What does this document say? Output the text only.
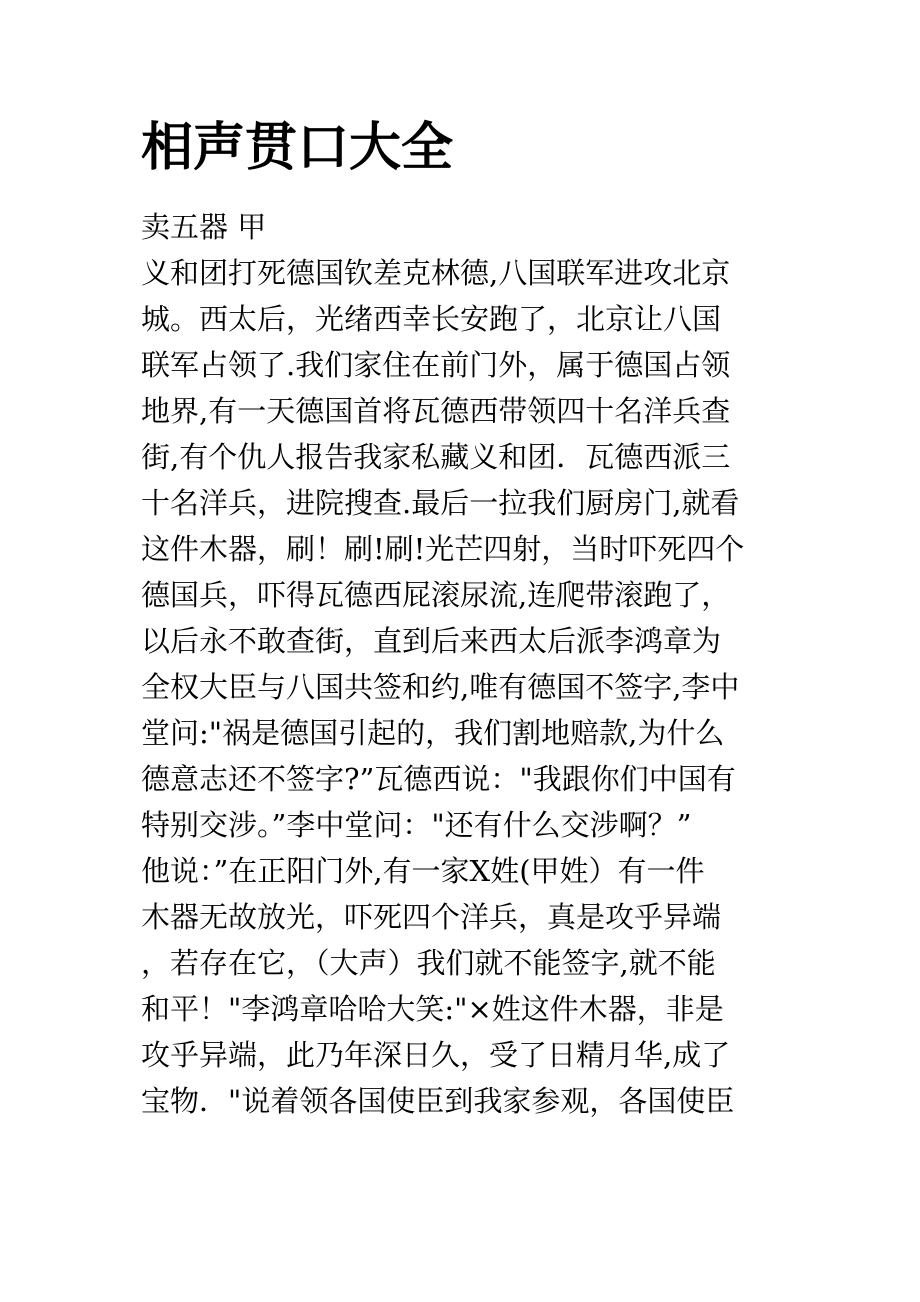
相声贯口大全
卖五器 甲
义和团打死德国钦差克林德,八国联军进攻北京
城。西太后，光绪西幸长安跑了，北京让八国
联军占领了.我们家住在前门外，属于德国占领
地界,有一天德国首将瓦德西带领四十名洋兵查
街,有个仇人报告我家私藏义和团．瓦德西派三
十名洋兵，进院搜查.最后一拉我们厨房门,就看
这件木器，刷！刷!刷!光芒四射，当时吓死四个
德国兵，吓得瓦德西屁滚尿流,连爬带滚跑了，
以后永不敢查街，直到后来西太后派李鸿章为
全权大臣与八国共签和约,唯有德国不签字,李中
堂问:"祸是德国引起的，我们割地赔款,为什么
德意志还不签字?”瓦德西说："我跟你们中国有
特别交涉。”李中堂问："还有什么交涉啊？”
他说：”在正阳门外,有一家X姓(甲姓）有一件
木器无故放光，吓死四个洋兵，真是攻乎异端
，若存在它，（大声）我们就不能签字,就不能
和平！"李鸿章哈哈大笑:"×姓这件木器，非是
攻乎异端，此乃年深日久，受了日精月华,成了
宝物．"说着领各国使臣到我家参观，各国使臣
